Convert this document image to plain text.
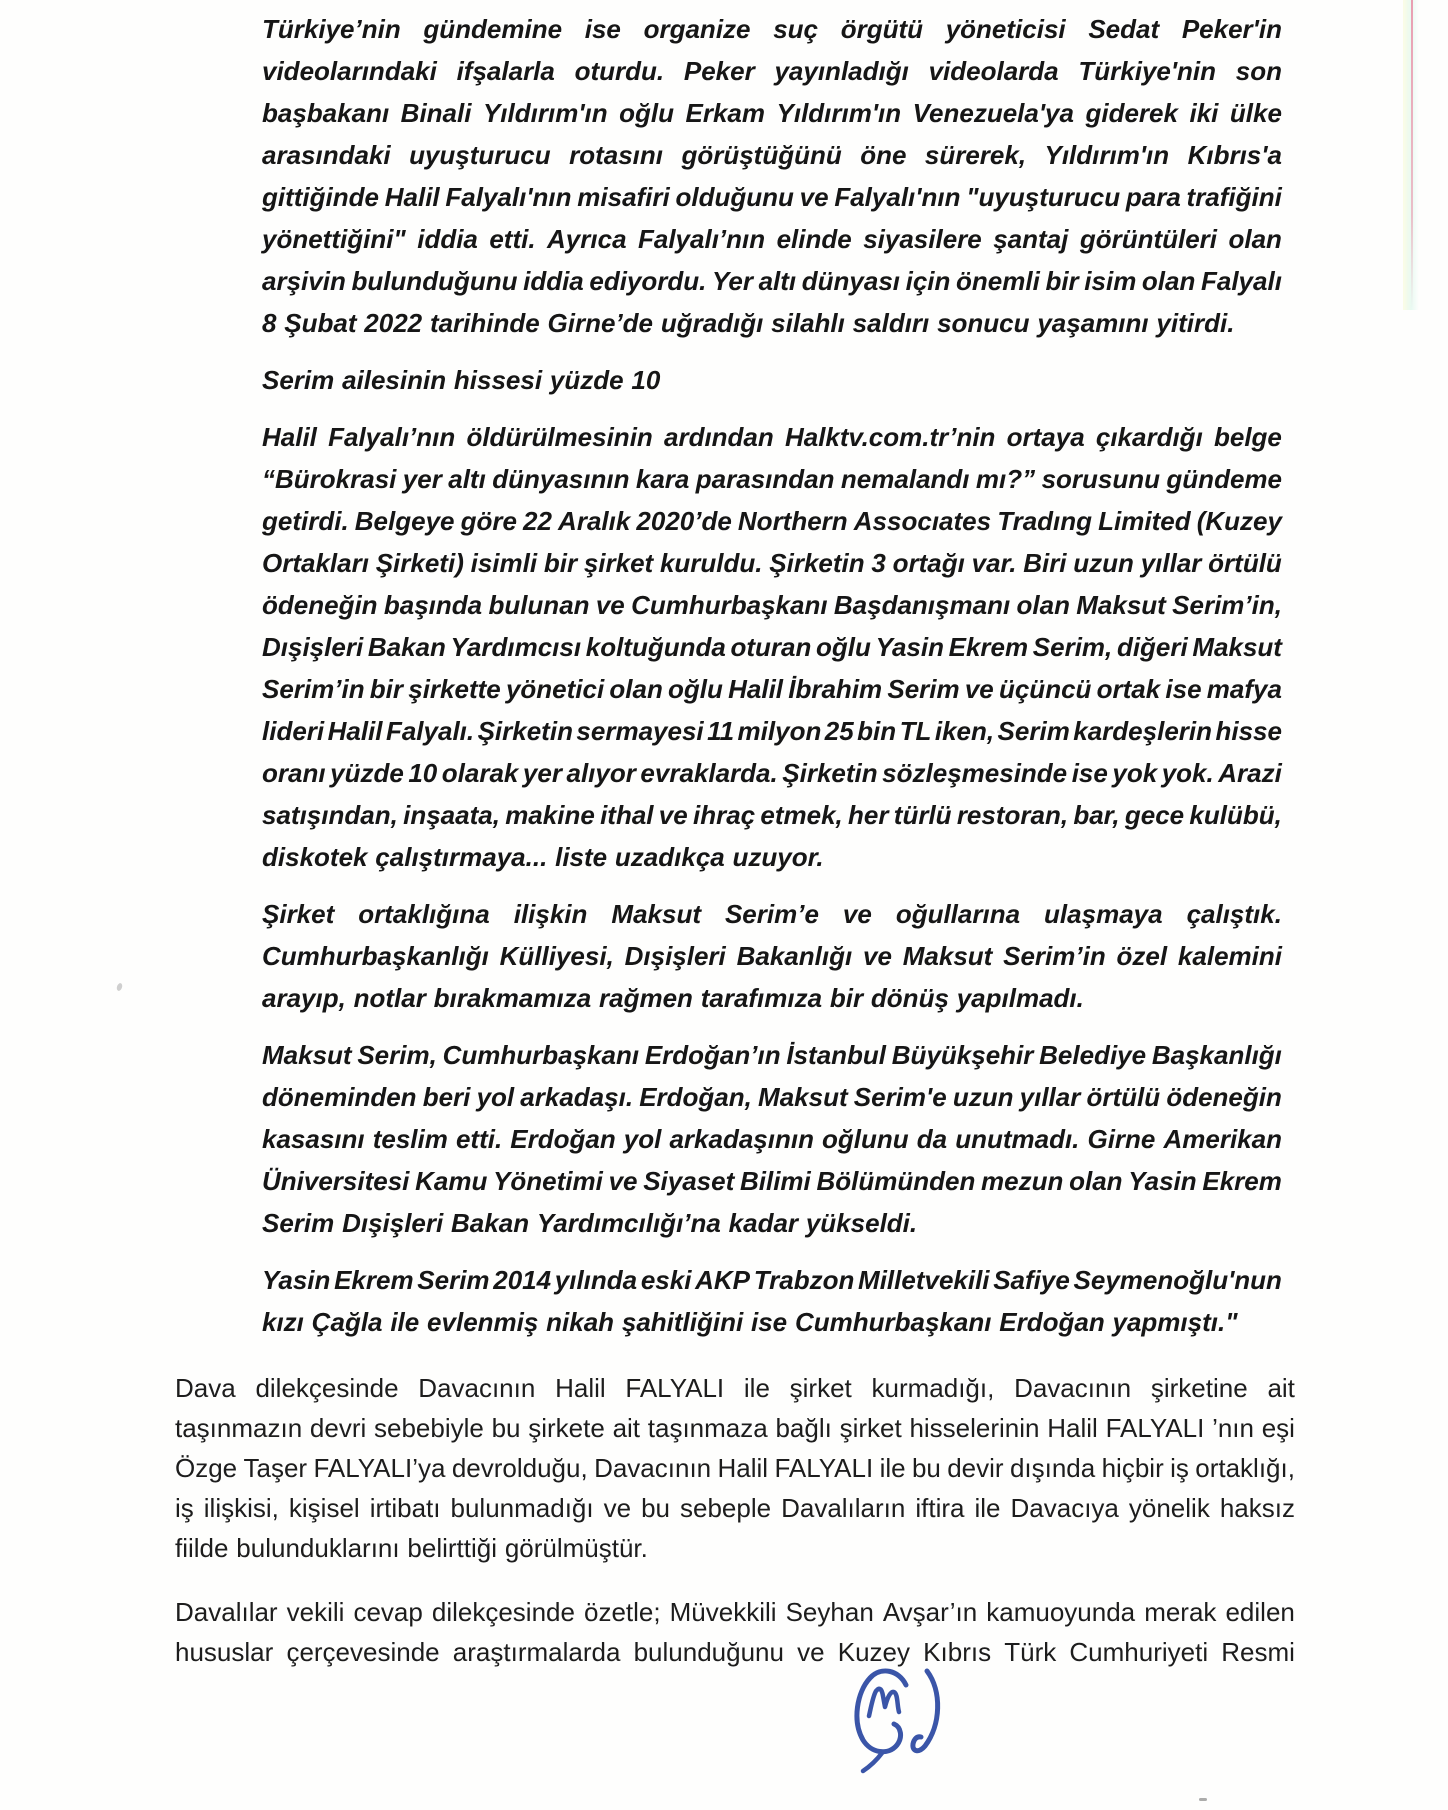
Türkiye’nin gündemine ise organize suç örgütü yöneticisi Sedat Peker'in
videolarındaki ifşalarla oturdu. Peker yayınladığı videolarda Türkiye'nin son
başbakanı Binali Yıldırım'ın oğlu Erkam Yıldırım'ın Venezuela'ya giderek iki ülke
arasındaki uyuşturucu rotasını görüştüğünü öne sürerek, Yıldırım'ın Kıbrıs'a
gittiğinde Halil Falyalı'nın misafiri olduğunu ve Falyalı'nın "uyuşturucu para trafiğini
yönettiğini" iddia etti. Ayrıca Falyalı’nın elinde siyasilere şantaj görüntüleri olan
arşivin bulunduğunu iddia ediyordu. Yer altı dünyası için önemli bir isim olan Falyalı
8 Şubat 2022 tarihinde Girne’de uğradığı silahlı saldırı sonucu yaşamını yitirdi.
Serim ailesinin hissesi yüzde 10
Halil Falyalı’nın öldürülmesinin ardından Halktv.com.tr’nin ortaya çıkardığı belge
“Bürokrasi yer altı dünyasının kara parasından nemalandı mı?” sorusunu gündeme
getirdi. Belgeye göre 22 Aralık 2020’de Northern Assocıates Tradıng Limited (Kuzey
Ortakları Şirketi) isimli bir şirket kuruldu. Şirketin 3 ortağı var. Biri uzun yıllar örtülü
ödeneğin başında bulunan ve Cumhurbaşkanı Başdanışmanı olan Maksut Serim’in,
Dışişleri Bakan Yardımcısı koltuğunda oturan oğlu Yasin Ekrem Serim, diğeri Maksut
Serim’in bir şirkette yönetici olan oğlu Halil İbrahim Serim ve üçüncü ortak ise mafya
lideri Halil Falyalı. Şirketin sermayesi 11 milyon 25 bin TL iken, Serim kardeşlerin hisse
oranı yüzde 10 olarak yer alıyor evraklarda. Şirketin sözleşmesinde ise yok yok. Arazi
satışından, inşaata, makine ithal ve ihraç etmek, her türlü restoran, bar, gece kulübü,
diskotek çalıştırmaya... liste uzadıkça uzuyor.
Şirket ortaklığına ilişkin Maksut Serim’e ve oğullarına ulaşmaya çalıştık.
Cumhurbaşkanlığı Külliyesi, Dışişleri Bakanlığı ve Maksut Serim’in özel kalemini
arayıp, notlar bırakmamıza rağmen tarafımıza bir dönüş yapılmadı.
Maksut Serim, Cumhurbaşkanı Erdoğan’ın İstanbul Büyükşehir Belediye Başkanlığı
döneminden beri yol arkadaşı. Erdoğan, Maksut Serim'e uzun yıllar örtülü ödeneğin
kasasını teslim etti. Erdoğan yol arkadaşının oğlunu da unutmadı. Girne Amerikan
Üniversitesi Kamu Yönetimi ve Siyaset Bilimi Bölümünden mezun olan Yasin Ekrem
Serim Dışişleri Bakan Yardımcılığı’na kadar yükseldi.
Yasin Ekrem Serim 2014 yılında eski AKP Trabzon Milletvekili Safiye Seymenoğlu'nun
kızı Çağla ile evlenmiş nikah şahitliğini ise Cumhurbaşkanı Erdoğan yapmıştı."
Dava dilekçesinde Davacının Halil FALYALI ile şirket kurmadığı, Davacının şirketine ait
taşınmazın devri sebebiyle bu şirkete ait taşınmaza bağlı şirket hisselerinin Halil FALYALI ’nın eşi
Özge Taşer FALYALI’ya devrolduğu, Davacının Halil FALYALI ile bu devir dışında hiçbir iş ortaklığı,
iş ilişkisi, kişisel irtibatı bulunmadığı ve bu sebeple Davalıların iftira ile Davacıya yönelik haksız
fiilde bulunduklarını belirttiği görülmüştür.
Davalılar vekili cevap dilekçesinde özetle; Müvekkili Seyhan Avşar’ın kamuoyunda merak edilen
hususlar çerçevesinde araştırmalarda bulunduğunu ve Kuzey Kıbrıs Türk Cumhuriyeti Resmi
